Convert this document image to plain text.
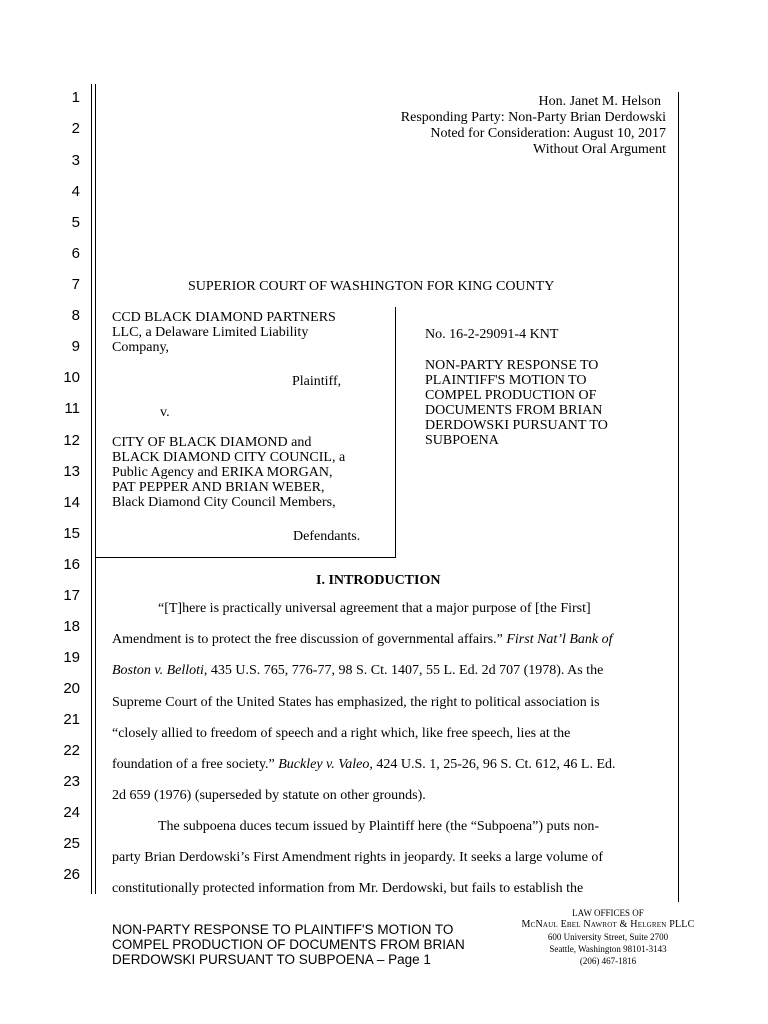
1
2
3
4
5
6
7
8
9
10
11
12
13
14
15
16
17
18
19
20
21
22
23
24
25
26
Hon. Janet M. Helson
Responding Party: Non-Party Brian Derdowski
Noted for Consideration: August 10, 2017
Without Oral Argument
SUPERIOR COURT OF WASHINGTON FOR KING COUNTY
CCD BLACK DIAMOND PARTNERS
LLC, a Delaware Limited Liability
Company,
Plaintiff,
v.
CITY OF BLACK DIAMOND and
BLACK DIAMOND CITY COUNCIL, a
Public Agency and ERIKA MORGAN,
PAT PEPPER AND BRIAN WEBER,
Black Diamond City Council Members,
Defendants.
No. 16-2-29091-4 KNT
NON-PARTY RESPONSE TO
PLAINTIFF'S MOTION TO
COMPEL PRODUCTION OF
DOCUMENTS FROM BRIAN
DERDOWSKI PURSUANT TO
SUBPOENA
I. INTRODUCTION
“[T]here is practically universal agreement that a major purpose of [the First]
Amendment is to protect the free discussion of governmental affairs.” First Nat’l Bank of
Boston v. Belloti, 435 U.S. 765, 776-77, 98 S. Ct. 1407, 55 L. Ed. 2d 707 (1978). As the
Supreme Court of the United States has emphasized, the right to political association is
“closely allied to freedom of speech and a right which, like free speech, lies at the
foundation of a free society.” Buckley v. Valeo, 424 U.S. 1, 25-26, 96 S. Ct. 612, 46 L. Ed.
2d 659 (1976) (superseded by statute on other grounds).
The subpoena duces tecum issued by Plaintiff here (the “Subpoena”) puts non-
party Brian Derdowski’s First Amendment rights in jeopardy. It seeks a large volume of
constitutionally protected information from Mr. Derdowski, but fails to establish the
NON-PARTY RESPONSE TO PLAINTIFF'S MOTION TO
COMPEL PRODUCTION OF DOCUMENTS FROM BRIAN
DERDOWSKI PURSUANT TO SUBPOENA – Page 1
LAW OFFICES OF
McNaul Ebel Nawrot & Helgren PLLC
600 University Street, Suite 2700
Seattle, Washington 98101-3143
(206) 467-1816
